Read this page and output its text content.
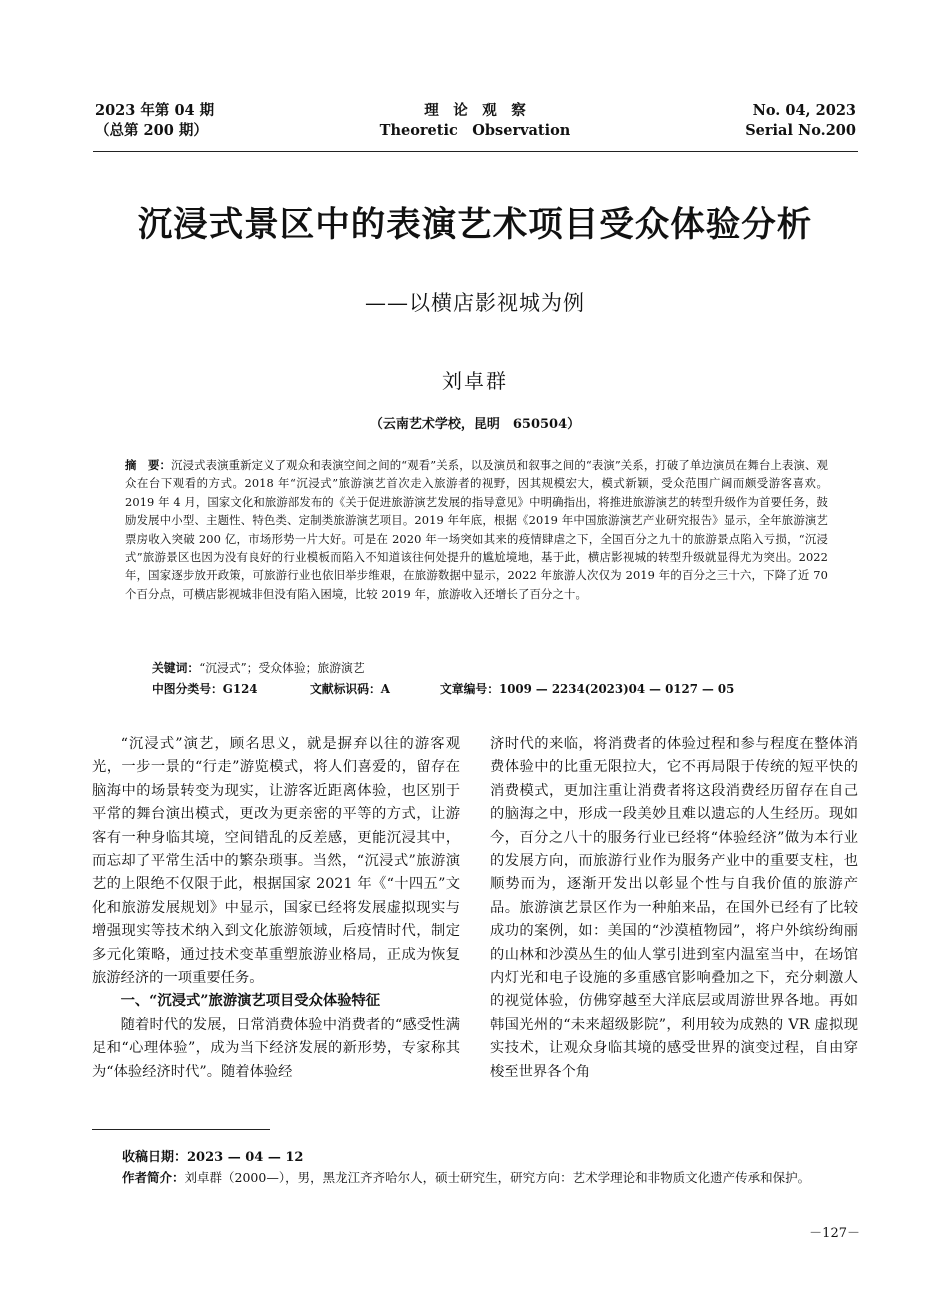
2023 年第 04 期
（总第 200 期）
理　论　观　察
Theoretic　Observation
No. 04, 2023
Serial No.200
沉浸式景区中的表演艺术项目受众体验分析
——以横店影视城为例
刘卓群
（云南艺术学校，昆明　650504）
摘　要：沉浸式表演重新定义了观众和表演空间之间的“观看”关系，以及演员和叙事之间的“表演”关系，打破了单边演员在舞台上表演、观众在台下观看的方式。2018 年“沉浸式”旅游演艺首次走入旅游者的视野，因其规模宏大，模式新颖，受众范围广阔而颇受游客喜欢。2019 年 4 月，国家文化和旅游部发布的《关于促进旅游演艺发展的指导意见》中明确指出，将推进旅游演艺的转型升级作为首要任务，鼓励发展中小型、主题性、特色类、定制类旅游演艺项目。2019 年年底，根据《2019 年中国旅游演艺产业研究报告》显示，全年旅游演艺票房收入突破 200 亿，市场形势一片大好。可是在 2020 年一场突如其来的疫情肆虐之下，全国百分之九十的旅游景点陷入亏损，“沉浸式”旅游景区也因为没有良好的行业模板而陷入不知道该往何处提升的尴尬境地，基于此，横店影视城的转型升级就显得尤为突出。2022 年，国家逐步放开政策，可旅游行业也依旧举步维艰，在旅游数据中显示，2022 年旅游人次仅为 2019 年的百分之三十六，下降了近 70 个百分点，可横店影视城非但没有陷入困境，比较 2019 年，旅游收入还增长了百分之十。
关键词：“沉浸式”；受众体验；旅游演艺
中图分类号：G124	文献标识码：A	文章编号：1009 — 2234(2023)04 — 0127 — 05

“沉浸式”演艺，顾名思义，就是摒弃以往的游客观光，一步一景的“行走”游览模式，将人们喜爱的，留存在脑海中的场景转变为现实，让游客近距离体验，也区别于平常的舞台演出模式，更改为更亲密的平等的方式，让游客有一种身临其境，空间错乱的反差感，更能沉浸其中，而忘却了平常生活中的繁杂琐事。当然，“沉浸式”旅游演艺的上限绝不仅限于此，根据国家 2021 年《“十四五”文化和旅游发展规划》中显示，国家已经将发展虚拟现实与增强现实等技术纳入到文化旅游领域，后疫情时代，制定多元化策略，通过技术变革重塑旅游业格局，正成为恢复旅游经济的一项重要任务。

一、“沉浸式”旅游演艺项目受众体验特征

随着时代的发展，日常消费体验中消费者的“感受性满足和“心理体验”，成为当下经济发展的新形势，专家称其为“体验经济时代”。随着体验经

济时代的来临，将消费者的体验过程和参与程度在整体消费体验中的比重无限拉大，它不再局限于传统的短平快的消费模式，更加注重让消费者将这段消费经历留存在自己的脑海之中，形成一段美妙且难以遗忘的人生经历。现如今，百分之八十的服务行业已经将“体验经济”做为本行业的发展方向，而旅游行业作为服务产业中的重要支柱，也顺势而为，逐渐开发出以彰显个性与自我价值的旅游产品。旅游演艺景区作为一种舶来品，在国外已经有了比较成功的案例，如：美国的“沙漠植物园”，将户外缤纷绚丽的山林和沙漠丛生的仙人掌引进到室内温室当中，在场馆内灯光和电子设施的多重感官影响叠加之下，充分刺激人的视觉体验，仿佛穿越至大洋底层或周游世界各地。再如韩国光州的“未来超级影院”，利用较为成熟的 VR 虚拟现实技术，让观众身临其境的感受世界的演变过程，自由穿梭至世界各个角

收稿日期：2023 — 04 — 12
作者简介：刘卓群（2000—），男，黑龙江齐齐哈尔人，硕士研究生，研究方向：艺术学理论和非物质文化遗产传承和保护。
－127－
